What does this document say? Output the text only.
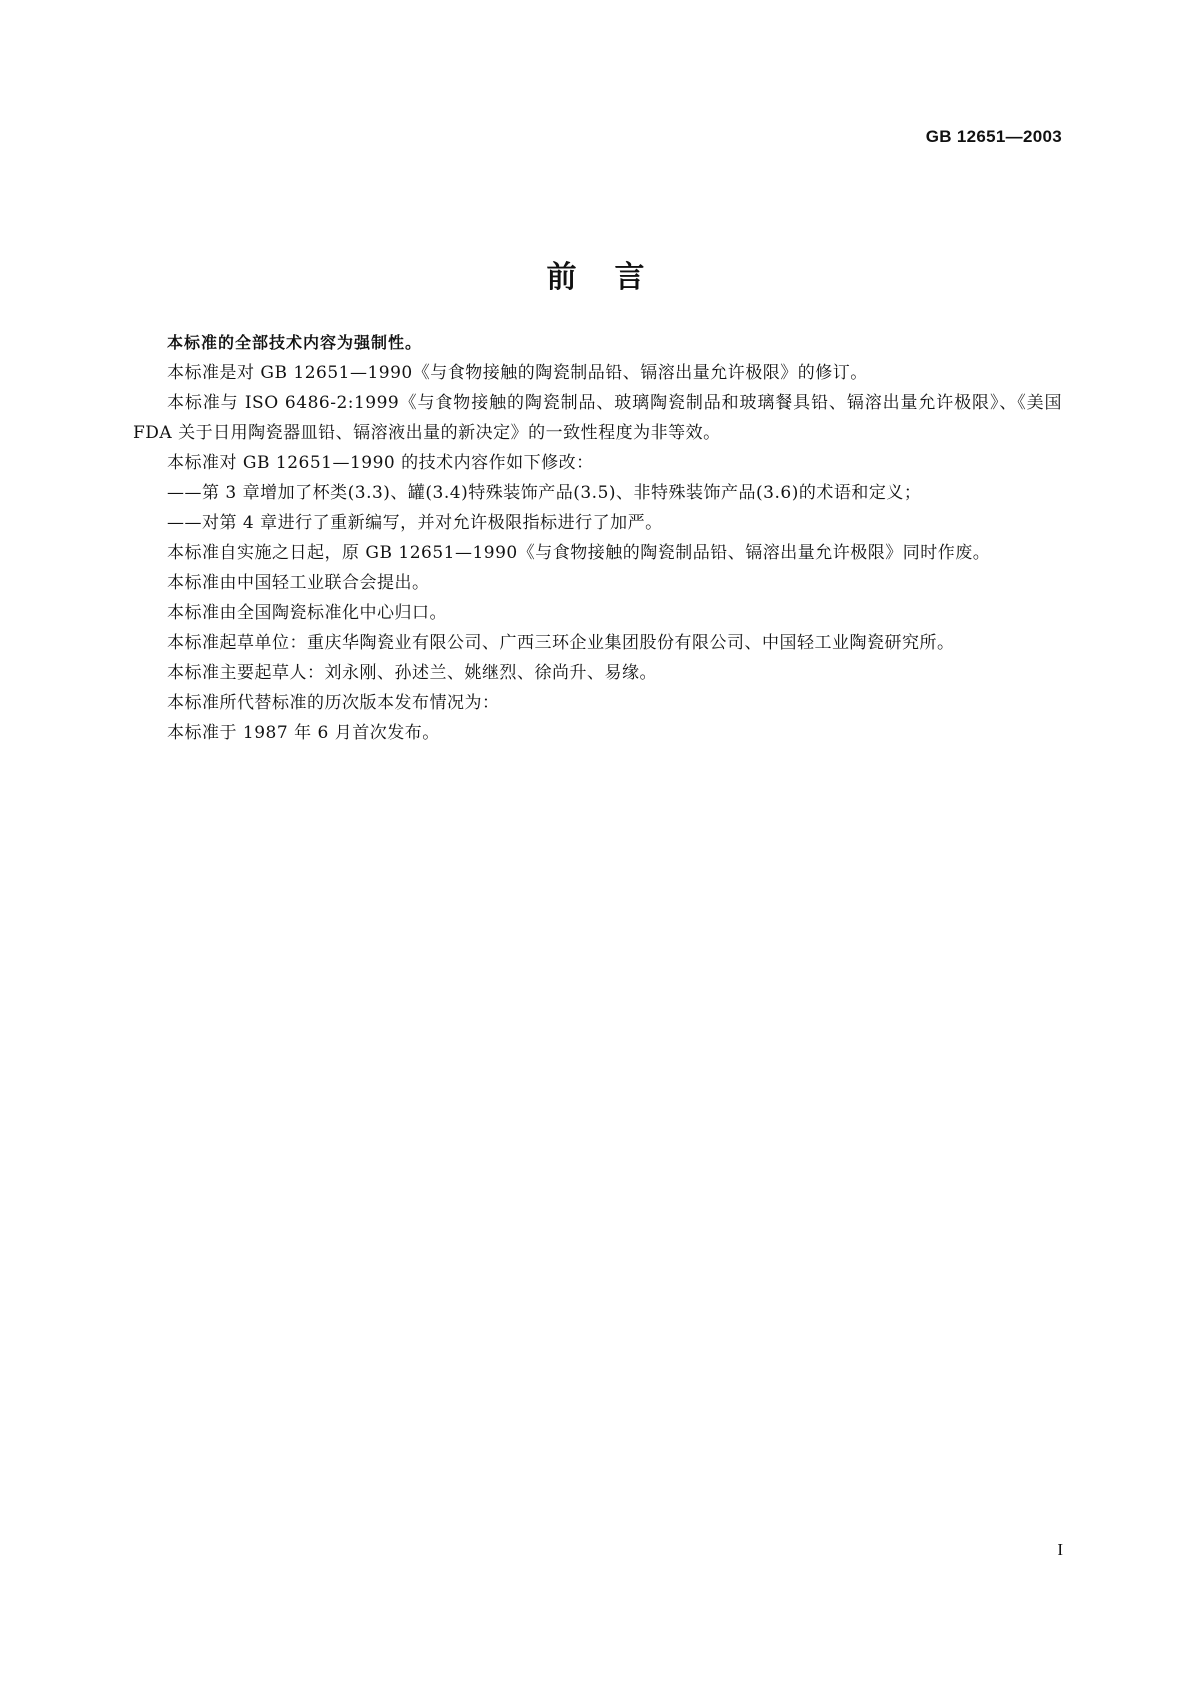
GB 12651—2003
前言

本标准的全部技术内容为强制性。

本标准是对 GB 12651—1990《与食物接触的陶瓷制品铅、镉溶出量允许极限》的修订。

本标准与 ISO 6486-2:1999《与食物接触的陶瓷制品、玻璃陶瓷制品和玻璃餐具铅、镉溶出量允许极限》、《美国 FDA 关于日用陶瓷器皿铅、镉溶液出量的新决定》的一致性程度为非等效。

本标准对 GB 12651—1990 的技术内容作如下修改：

——第 3 章增加了杯类(3.3)、罐(3.4)特殊装饰产品(3.5)、非特殊装饰产品(3.6)的术语和定义；

——对第 4 章进行了重新编写，并对允许极限指标进行了加严。

本标准自实施之日起，原 GB 12651—1990《与食物接触的陶瓷制品铅、镉溶出量允许极限》同时作废。

本标准由中国轻工业联合会提出。

本标准由全国陶瓷标准化中心归口。

本标准起草单位：重庆华陶瓷业有限公司、广西三环企业集团股份有限公司、中国轻工业陶瓷研究所。

本标准主要起草人：刘永刚、孙述兰、姚继烈、徐尚升、易缘。

本标准所代替标准的历次版本发布情况为：

本标准于 1987 年 6 月首次发布。

I
